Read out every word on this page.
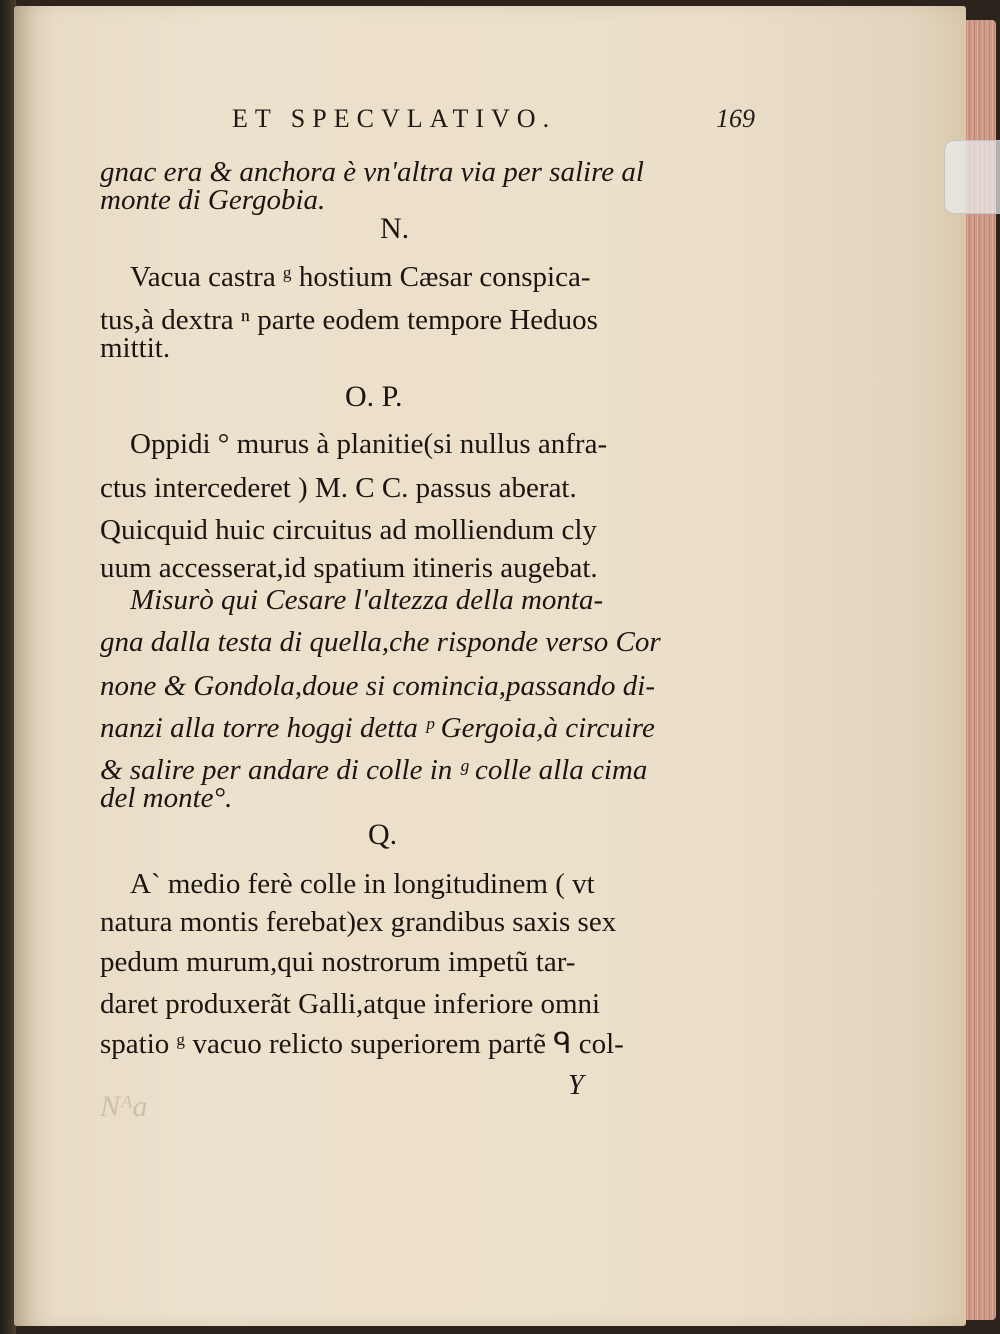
ET SPECVLATIVO.	169
gnac era & anchora è vn'altra via per salire al
monte di Gergobia.
N.
Vacua castra ᵍ hostium Cæsar conspica-
tus,à dextra ⁿ parte eodem tempore Heduos
mittit.
O. P.
Oppidi ° murus à planitie(si nullus anfra-
ctus intercederet ) M. C C. passus aberat.
Quicquid huic circuitus ad molliendum cly
uum accesserat,id spatium itineris augebat.
Misurò qui Cesare l'altezza della monta-
gna dalla testa di quella,che risponde verso Cor
none & Gondola,doue si comincia,passando di-
nanzi alla torre hoggi detta ᵖ Gergoia,à circuire
& salire per andare di colle in ᵍ colle alla cima
del monte°.
Q.
A` medio ferè colle in longitudinem ( vt
natura montis ferebat)ex grandibus saxis sex
pedum murum,qui nostrorum impetũ tar-
daret produxerãt Galli,atque inferiore omni
spatio ᵍ vacuo relicto superiorem partẽ ᑫ col-
Y
Nᴬa
